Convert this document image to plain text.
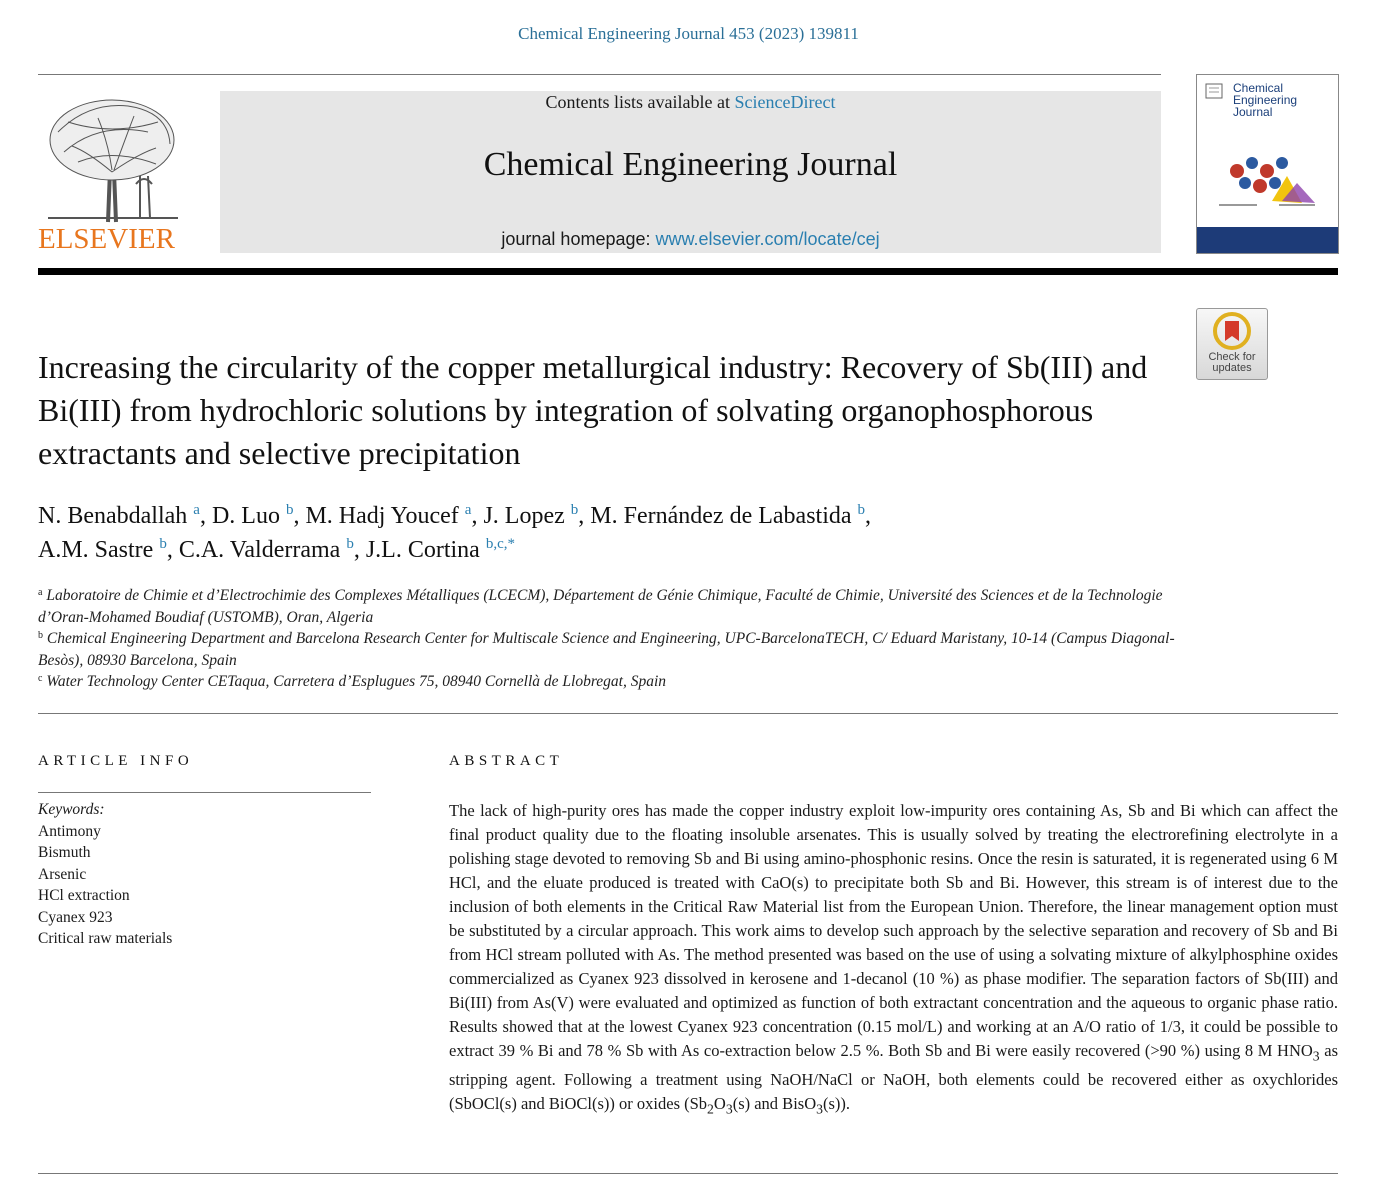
Chemical Engineering Journal 453 (2023) 139811
ELSEVIER
Contents lists available at ScienceDirect
Chemical Engineering Journal
journal homepage: www.elsevier.com/locate/cej
Chemical Engineering Journal
Check for updates
Increasing the circularity of the copper metallurgical industry: Recovery of Sb(III) and Bi(III) from hydrochloric solutions by integration of solvating organophosphorous extractants and selective precipitation
N. Benabdallah $^a$, D. Luo $^b$, M. Hadj Youcef $^a$, J. Lopez $^b$, M. Fernández de Labastida $^b$,
A.M. Sastre $^b$, C.A. Valderrama $^b$, J.L. Cortina $^{b,c,*}$

$^a$ Laboratoire de Chimie et d’Electrochimie des Complexes Métalliques (LCECM), Département de Génie Chimique, Faculté de Chimie, Université des Sciences et de la Technologie d’Oran-Mohamed Boudiaf (USTOMB), Oran, Algeria

$^b$ Chemical Engineering Department and Barcelona Research Center for Multiscale Science and Engineering, UPC-BarcelonaTECH, C/ Eduard Maristany, 10-14 (Campus Diagonal-Besòs), 08930 Barcelona, Spain

$^c$ Water Technology Center CETaqua, Carretera d’Esplugues 75, 08940 Cornellà de Llobregat, Spain

ARTICLE INFO	ABSTRACT
Keywords:
Antimony
Bismuth
Arsenic
HCl extraction
Cyanex 923
Critical raw materials

The lack of high-purity ores has made the copper industry exploit low-impurity ores containing As, Sb and Bi which can affect the final product quality due to the floating insoluble arsenates. This is usually solved by treating the electrorefining electrolyte in a polishing stage devoted to removing Sb and Bi using amino-phosphonic resins. Once the resin is saturated, it is regenerated using 6 M HCl, and the eluate produced is treated with CaO(s) to precipitate both Sb and Bi. However, this stream is of interest due to the inclusion of both elements in the Critical Raw Material list from the European Union. Therefore, the linear management option must be substituted by a circular approach. This work aims to develop such approach by the selective separation and recovery of Sb and Bi from HCl stream polluted with As. The method presented was based on the use of using a solvating mixture of alkylphosphine oxides commercialized as Cyanex 923 dissolved in kerosene and 1-decanol (10 %) as phase modifier. The separation factors of Sb(III) and Bi(III) from As(V) were evaluated and optimized as function of both extractant concentration and the aqueous to organic phase ratio. Results showed that at the lowest Cyanex 923 concentration (0.15 mol/L) and working at an A/O ratio of 1/3, it could be possible to extract 39 % Bi and 78 % Sb with As co-extraction below 2.5 %. Both Sb and Bi were easily recovered (>90 %) using 8 M $HNO_3$ as stripping agent. Following a treatment using NaOH/NaCl or NaOH, both elements could be recovered either as oxychlorides (SbOCl(s) and BiOCl(s)) or oxides ($Sb_2O_3(s)$ and BisO$_3$(s)).
